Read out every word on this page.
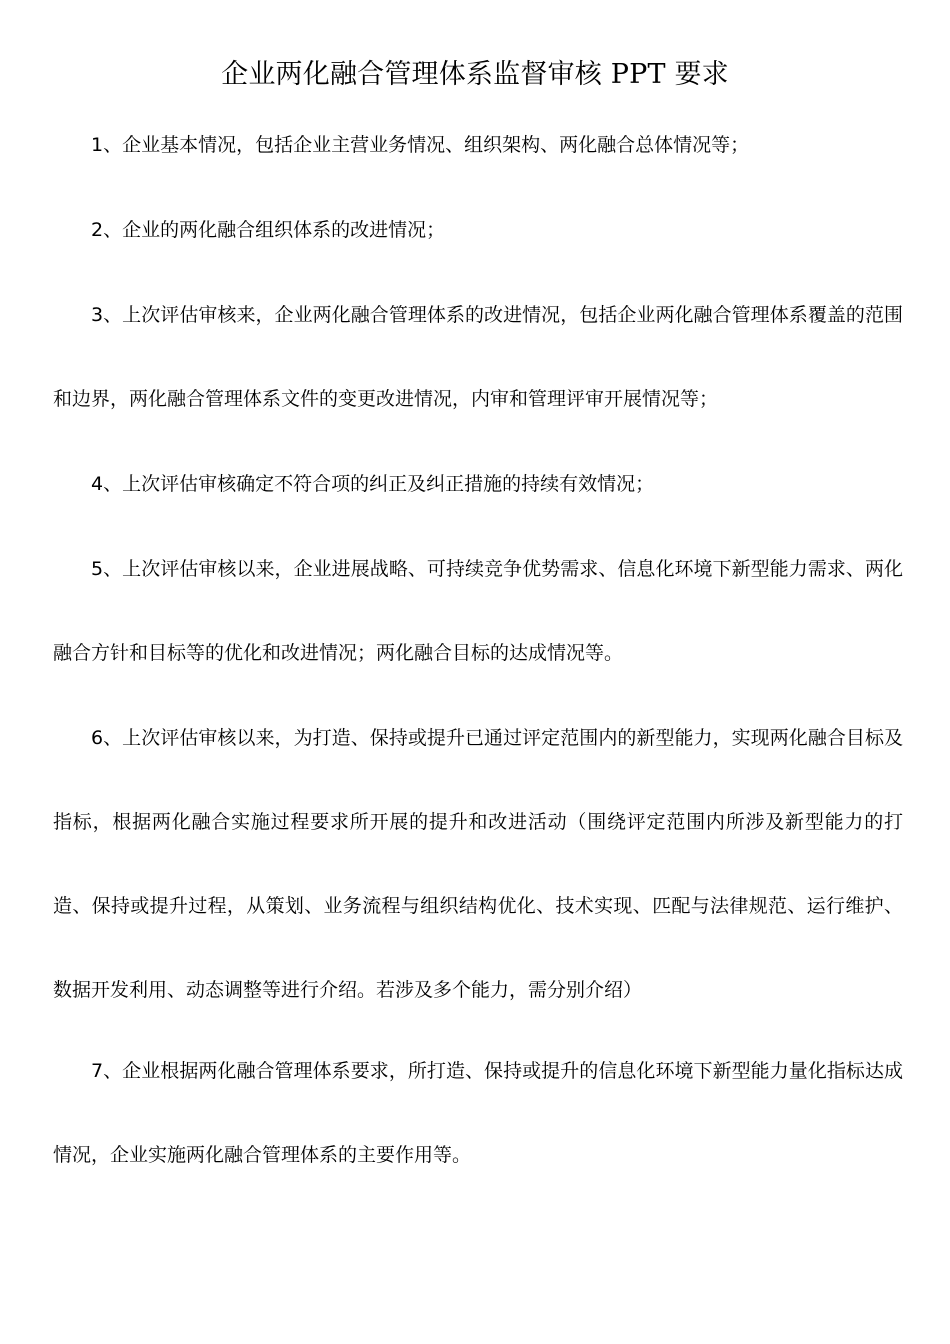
企业两化融合管理体系监督审核 PPT 要求

1、企业基本情况，包括企业主营业务情况、组织架构、两化融合总体情况等；

2、企业的两化融合组织体系的改进情况；

3、上次评估审核来，企业两化融合管理体系的改进情况，包括企业两化融合管理体系覆盖的范围和边界，两化融合管理体系文件的变更改进情况，内审和管理评审开展情况等；

4、上次评估审核确定不符合项的纠正及纠正措施的持续有效情况；

5、上次评估审核以来，企业进展战略、可持续竞争优势需求、信息化环境下新型能力需求、两化融合方针和目标等的优化和改进情况；两化融合目标的达成情况等。

6、上次评估审核以来，为打造、保持或提升已通过评定范围内的新型能力，实现两化融合目标及指标，根据两化融合实施过程要求所开展的提升和改进活动（围绕评定范围内所涉及新型能力的打造、保持或提升过程，从策划、业务流程与组织结构优化、技术实现、匹配与法律规范、运行维护、数据开发利用、动态调整等进行介绍。若涉及多个能力，需分别介绍）

7、企业根据两化融合管理体系要求，所打造、保持或提升的信息化环境下新型能力量化指标达成情况，企业实施两化融合管理体系的主要作用等。
